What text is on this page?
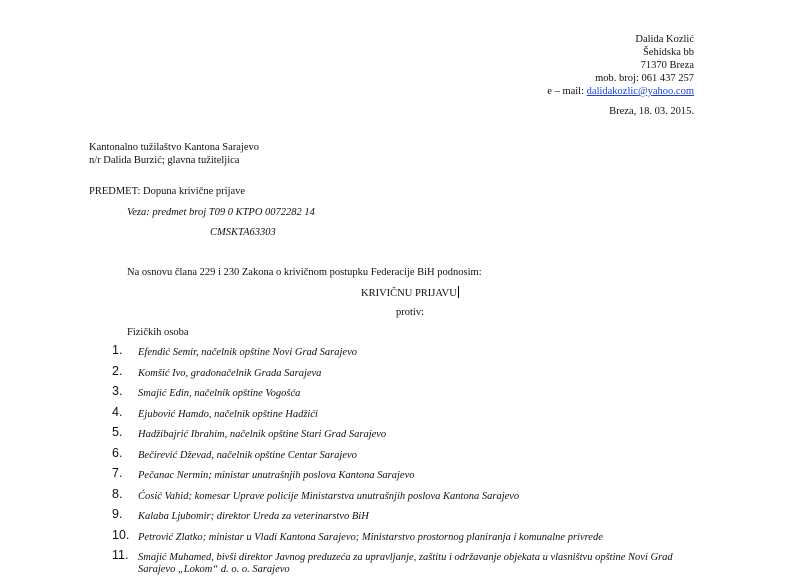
Dalida Kozlić
Šehidska bb
71370 Breza
mob. broj: 061 437 257
e – mail: dalidakozlic@yahoo.com
Breza, 18. 03. 2015.
Kantonalno tužilaštvo Kantona Sarajevo
n/r Dalida Burzić; glavna tužiteljica
PREDMET: Dopuna krivične prijave
Veza: predmet broj T09 0 KTPO 0072282 14
CMSKTA63303
Na osnovu člana 229 i 230 Zakona o krivičnom postupku Federacije BiH podnosim:
KRIVIČNU PRIJAVU
protiv:
Fizičkih osoba
1. Efendić Semir, načelnik opštine Novi Grad Sarajevo
2. Komšić Ivo, gradonačelnik Grada Sarajeva
3. Smajić Edin, načelnik opštine Vogošća
4. Ejubović Hamdo, načelnik opštine Hadžići
5. Hadžibajrić Ibrahim, načelnik opštine Stari Grad Sarajevo
6. Bečirević Dževad, načelnik opštine Centar Sarajevo
7. Pečanac Nermin; ministar unutrašnjih poslova Kantona Sarajevo
8. Ćosić Vahid; komesar Uprave policije Ministarstva unutrašnjih poslova Kantona Sarajevo
9. Kalaba Ljubomir; direktor Ureda za veterinarstvo BiH
10. Petrović Zlatko; ministar u Vladi Kantona Sarajevo; Ministarstvo prostornog planiranja i komunalne privrede
11. Smajić Muhamed, bivši direktor Javnog preduzeća za upravljanje, zaštitu i održavanje objekata u vlasništvu opštine Novi Grad
Sarajevo „Lokom“ d. o. o. Sarajevo
